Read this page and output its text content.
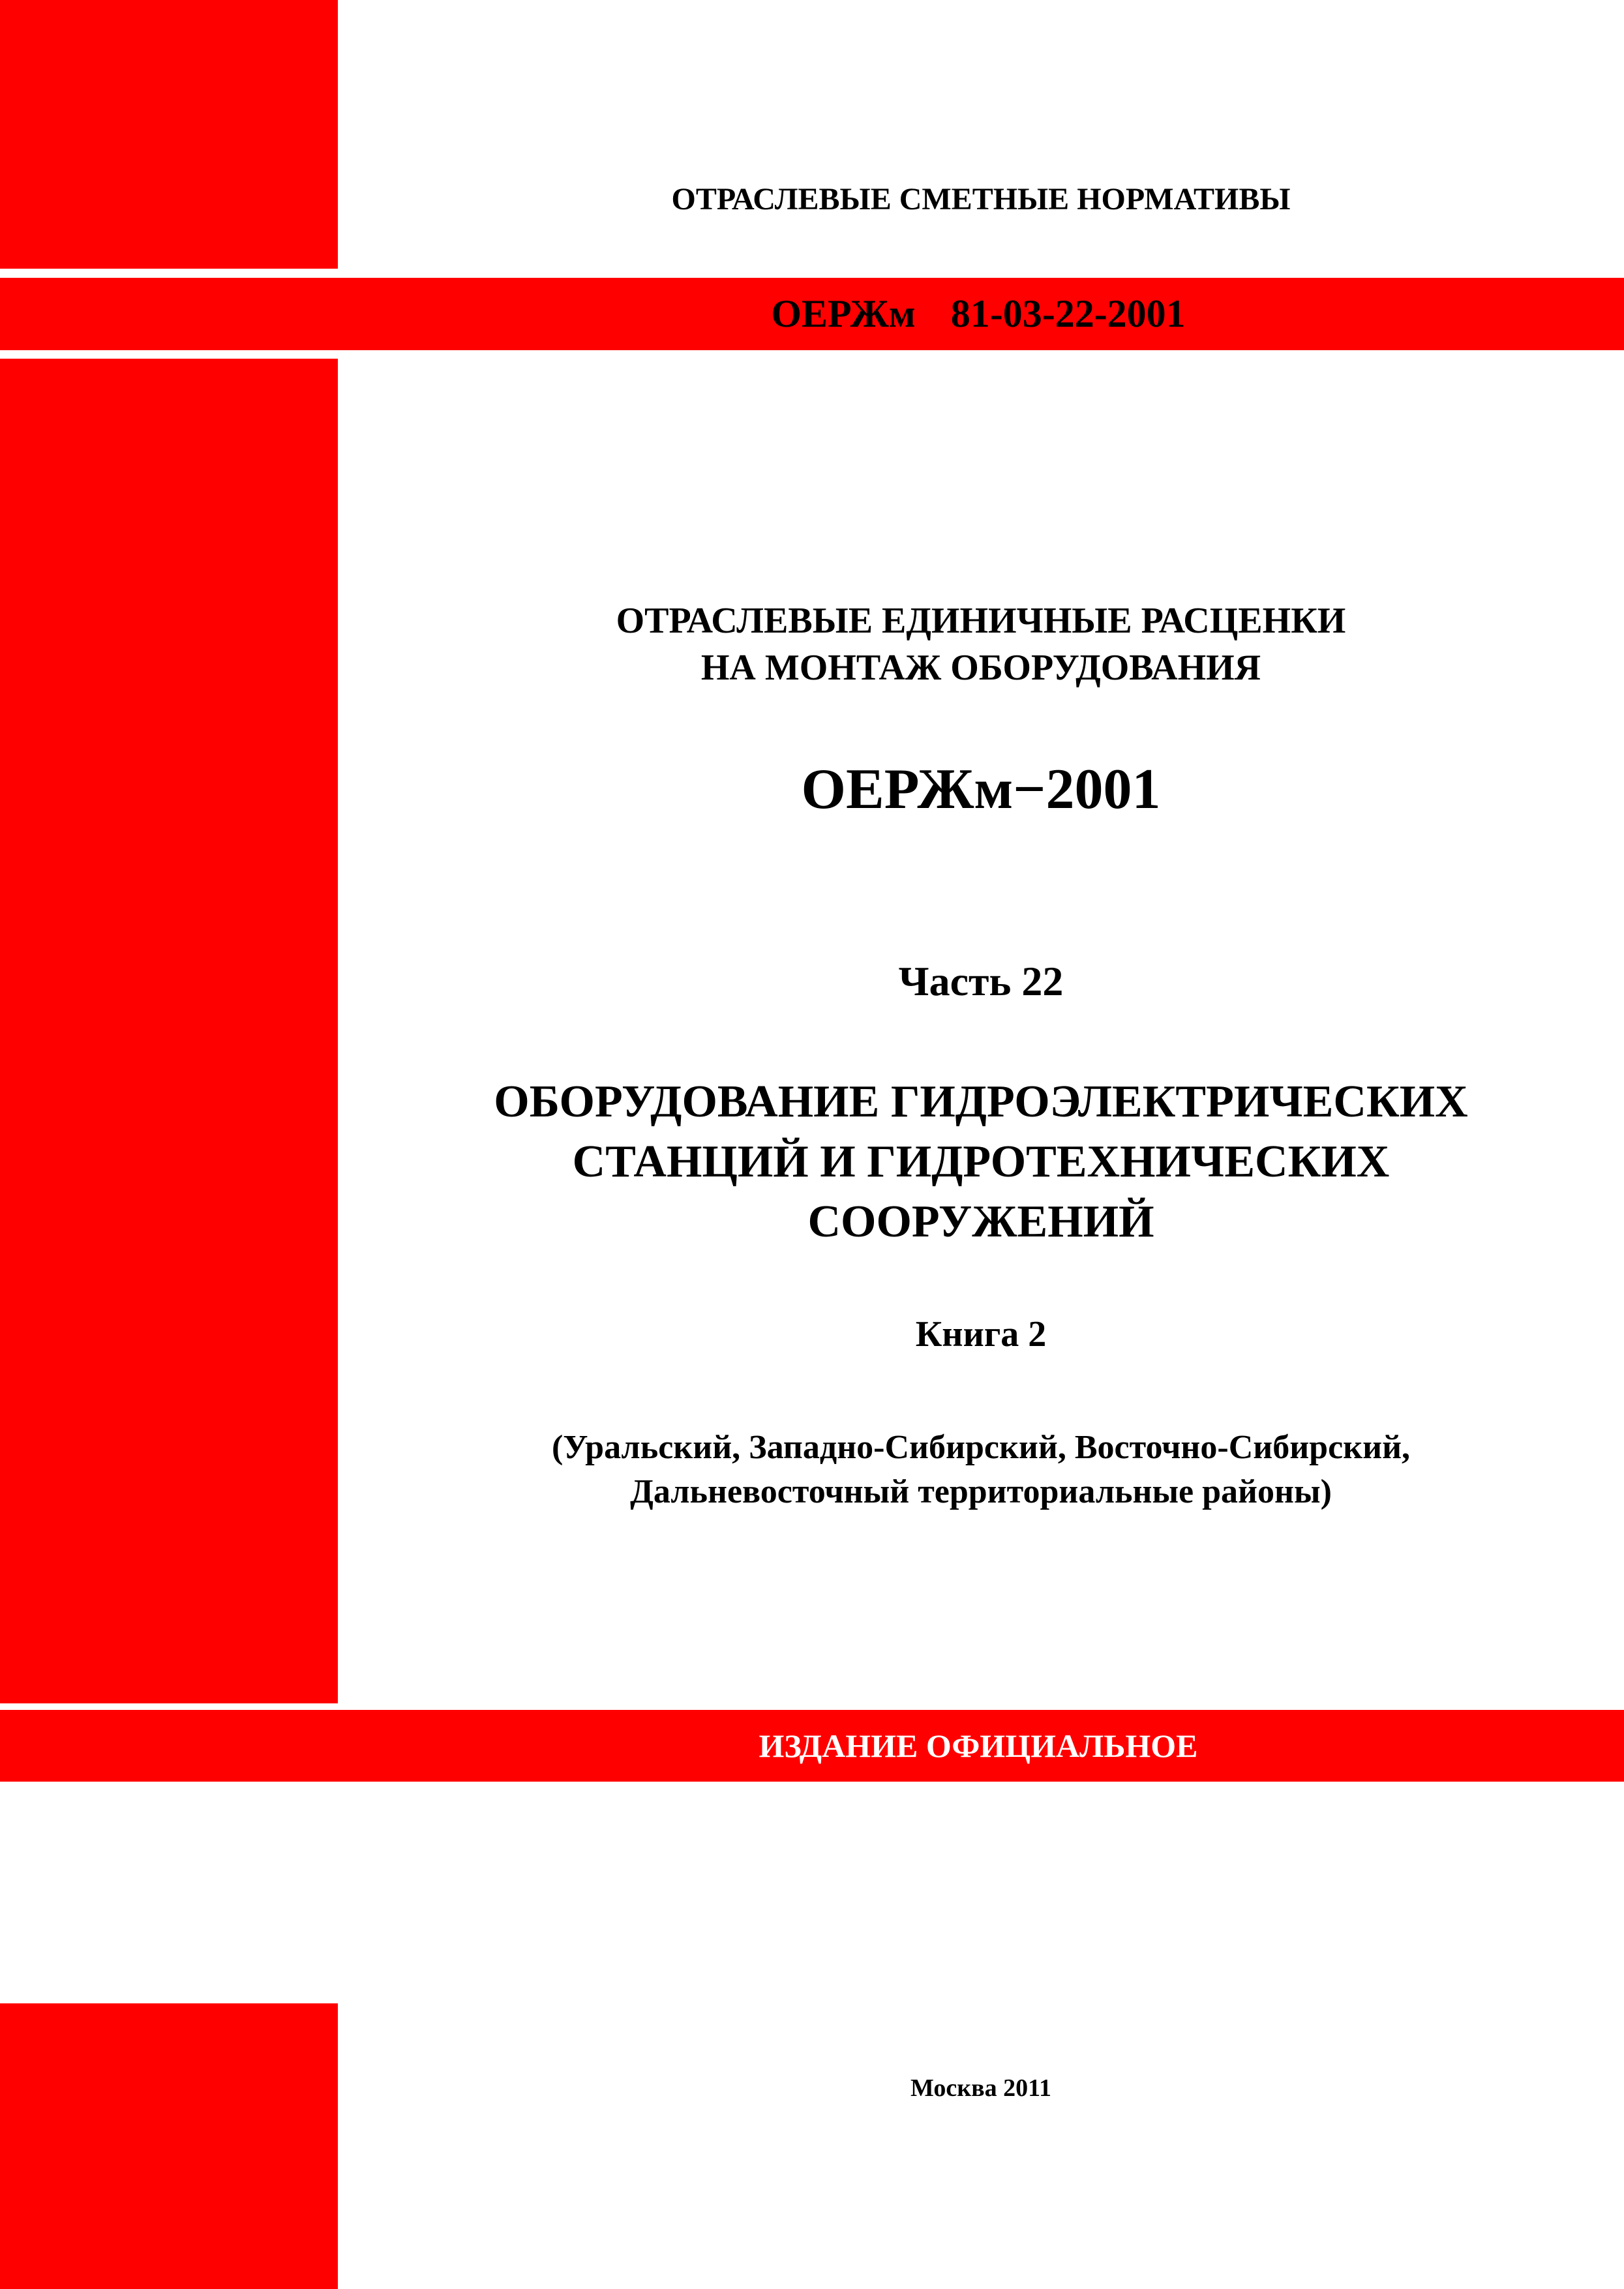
ОТРАСЛЕВЫЕ СМЕТНЫЕ НОРМАТИВЫ
ОЕРЖм  81-03-22-2001
ОТРАСЛЕВЫЕ ЕДИНИЧНЫЕ РАСЦЕНКИ
НА МОНТАЖ ОБОРУДОВАНИЯ
ОЕРЖм−2001
Часть 22
ОБОРУДОВАНИЕ ГИДРОЭЛЕКТРИЧЕСКИХ
СТАНЦИЙ И ГИДРОТЕХНИЧЕСКИХ
СООРУЖЕНИЙ
Книга 2
(Уральский, Западно-Сибирский, Восточно-Сибирский,
Дальневосточный территориальные районы)
ИЗДАНИЕ ОФИЦИАЛЬНОЕ
Москва 2011
